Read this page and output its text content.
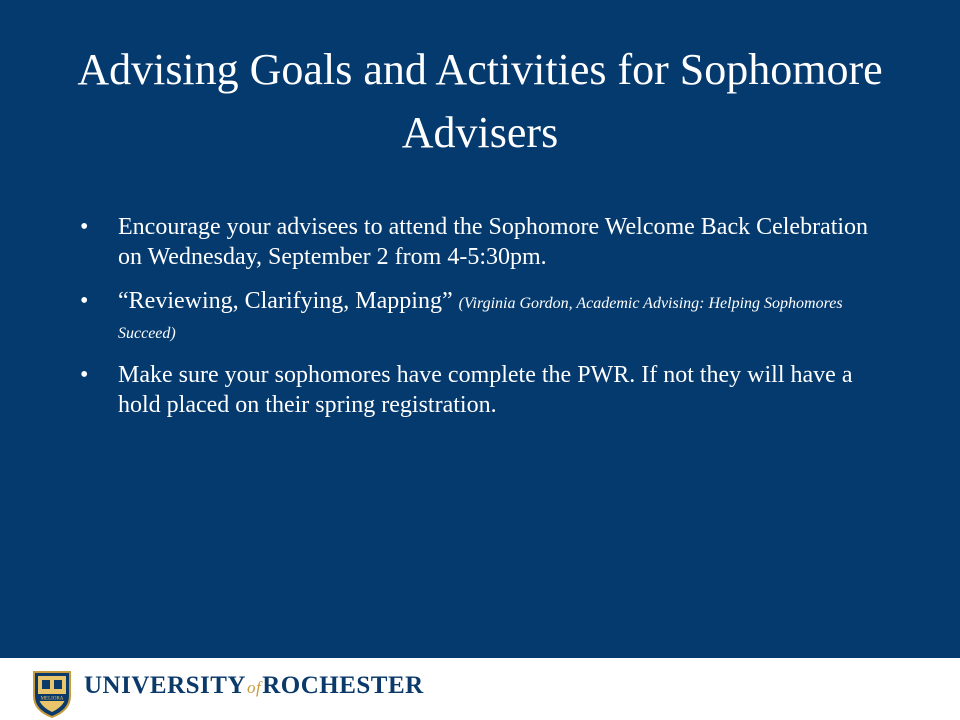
Advising Goals and Activities for Sophomore Advisers
•	Encourage your advisees to attend the Sophomore Welcome Back Celebration on Wednesday, September 2 from 4-5:30pm.
•	“Reviewing, Clarifying, Mapping” (Virginia Gordon, Academic Advising: Helping Sophomores Succeed)
•	Make sure your sophomores have complete the PWR. If not they will have a hold placed on their spring registration.
MELIORA UNIVERSITYofROCHESTER
